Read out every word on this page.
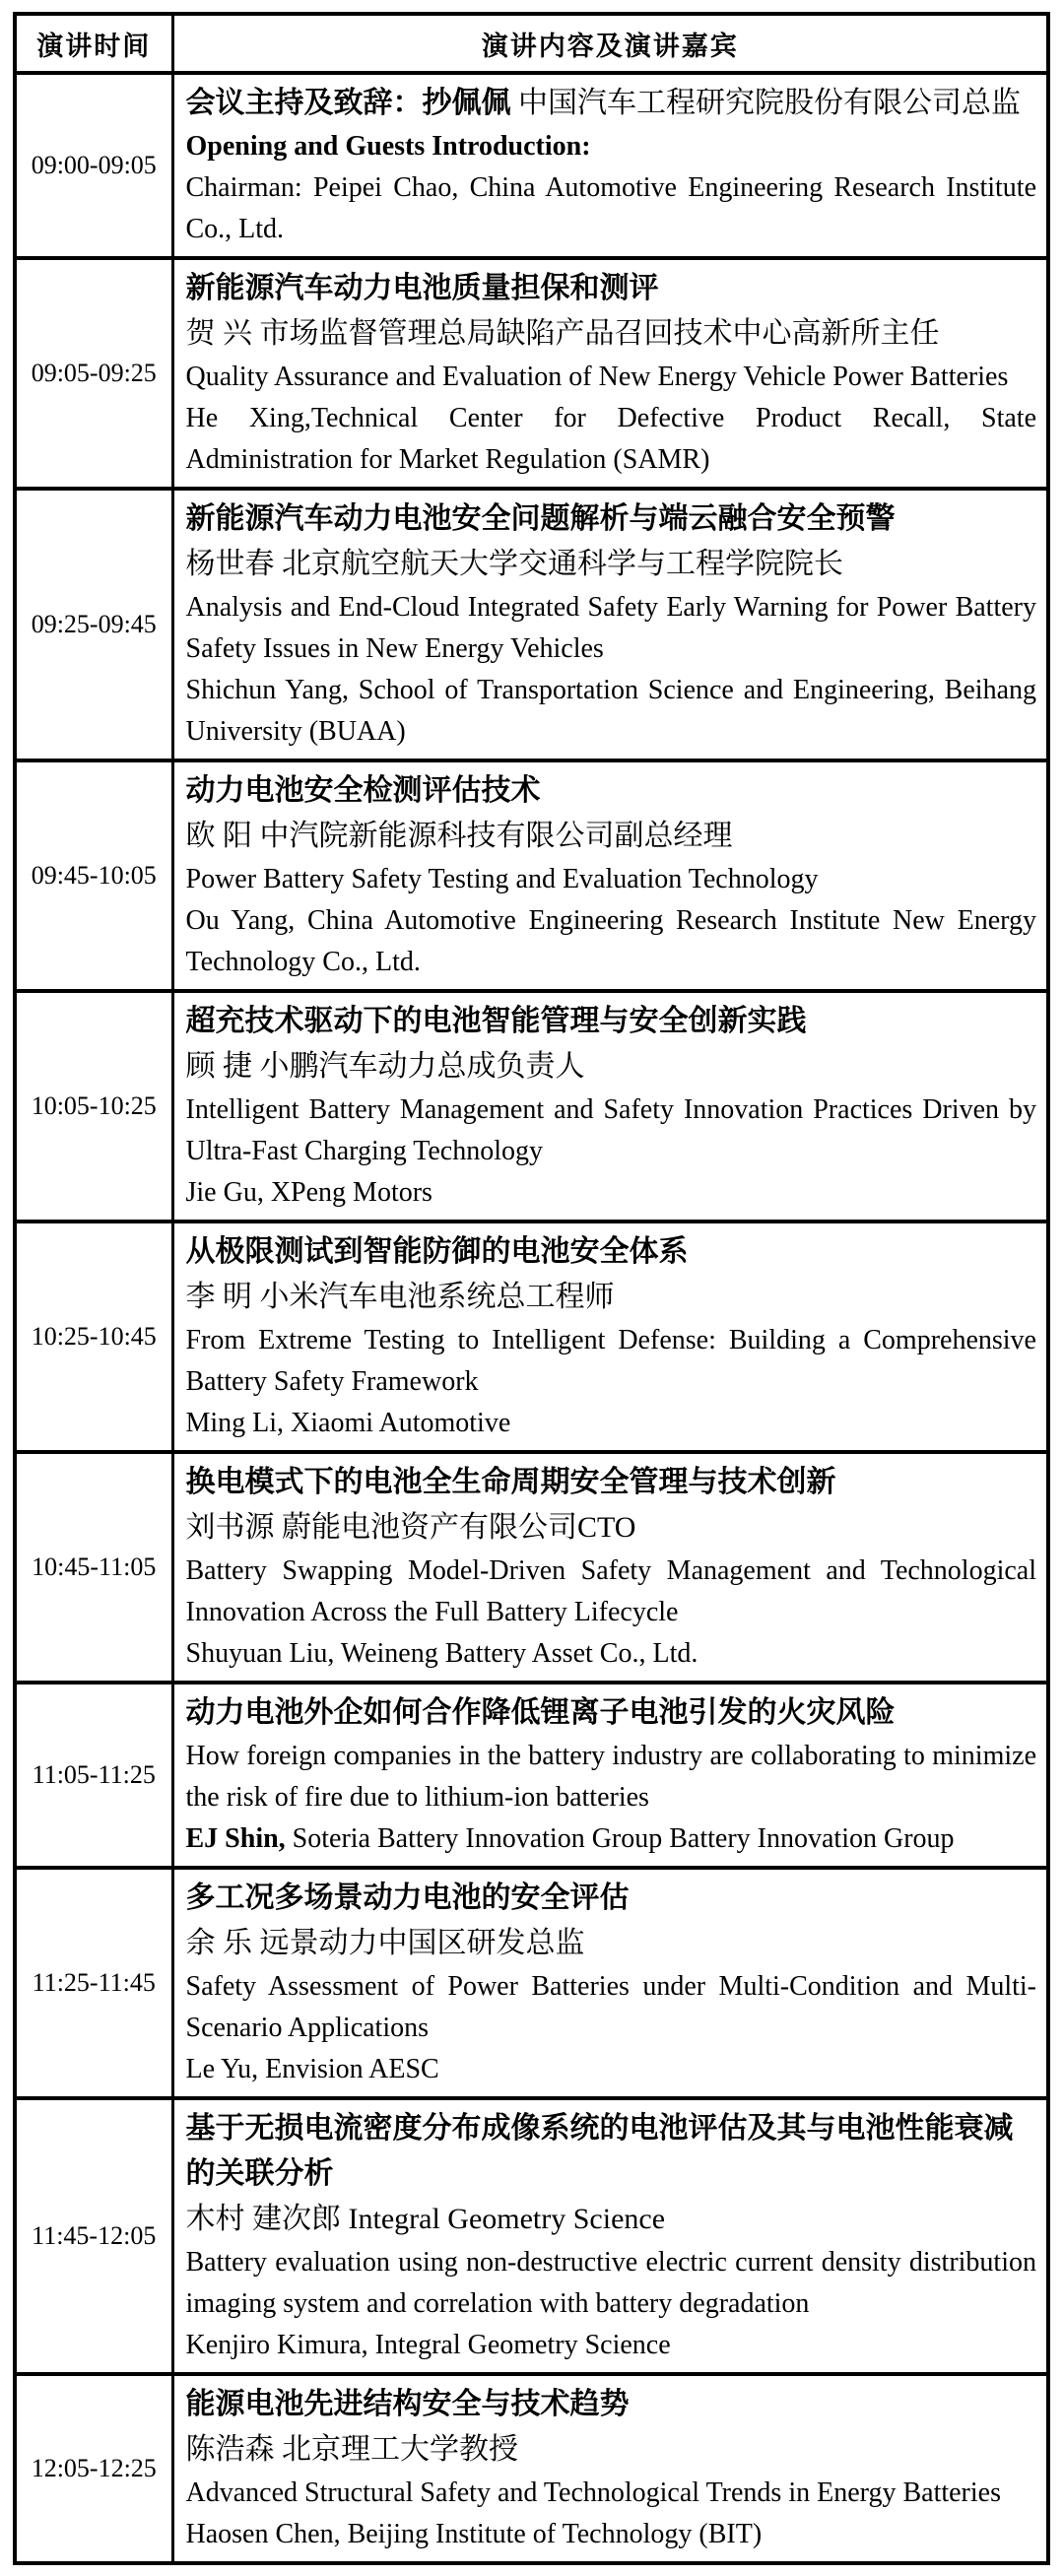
演讲时间	演讲内容及演讲嘉宾
09:00-09:05	会议主持及致辞：抄佩佩 中国汽车工程研究院股份有限公司总监
Opening and Guests Introduction:
Chairman: Peipei Chao, China Automotive Engineering Research Institute Co., Ltd.

09:05-09:25	新能源汽车动力电池质量担保和测评
贺 兴 市场监督管理总局缺陷产品召回技术中心高新所主任
Quality Assurance and Evaluation of New Energy Vehicle Power Batteries
He Xing,Technical Center for Defective Product Recall, State Administration for Market Regulation (SAMR)

09:25-09:45	新能源汽车动力电池安全问题解析与端云融合安全预警
杨世春 北京航空航天大学交通科学与工程学院院长
Analysis and End-Cloud Integrated Safety Early Warning for Power Battery Safety Issues in New Energy Vehicles
Shichun Yang, School of Transportation Science and Engineering, Beihang University (BUAA)

09:45-10:05	动力电池安全检测评估技术
欧 阳 中汽院新能源科技有限公司副总经理
Power Battery Safety Testing and Evaluation Technology
Ou Yang, China Automotive Engineering Research Institute New Energy Technology Co., Ltd.

10:05-10:25	超充技术驱动下的电池智能管理与安全创新实践
顾 捷 小鹏汽车动力总成负责人
Intelligent Battery Management and Safety Innovation Practices Driven by Ultra-Fast Charging Technology
Jie Gu, XPeng Motors

10:25-10:45	从极限测试到智能防御的电池安全体系
李 明 小米汽车电池系统总工程师
From Extreme Testing to Intelligent Defense: Building a Comprehensive Battery Safety Framework
Ming Li, Xiaomi Automotive

10:45-11:05	换电模式下的电池全生命周期安全管理与技术创新
刘书源 蔚能电池资产有限公司CTO
Battery Swapping Model-Driven Safety Management and Technological Innovation Across the Full Battery Lifecycle
Shuyuan Liu, Weineng Battery Asset Co., Ltd.

11:05-11:25	动力电池外企如何合作降低锂离子电池引发的火灾风险
How foreign companies in the battery industry are collaborating to minimize the risk of fire due to lithium-ion batteries
EJ Shin, Soteria Battery Innovation Group Battery Innovation Group

11:25-11:45	多工况多场景动力电池的安全评估
余 乐 远景动力中国区研发总监
Safety Assessment of Power Batteries under Multi-Condition and Multi-Scenario Applications
Le Yu, Envision AESC

11:45-12:05	基于无损电流密度分布成像系统的电池评估及其与电池性能衰减的关联分析
木村 建次郎 Integral Geometry Science
Battery evaluation using non-destructive electric current density distribution imaging system and correlation with battery degradation
Kenjiro Kimura, Integral Geometry Science

12:05-12:25	能源电池先进结构安全与技术趋势
陈浩森 北京理工大学教授
Advanced Structural Safety and Technological Trends in Energy Batteries
Haosen Chen, Beijing Institute of Technology (BIT)
